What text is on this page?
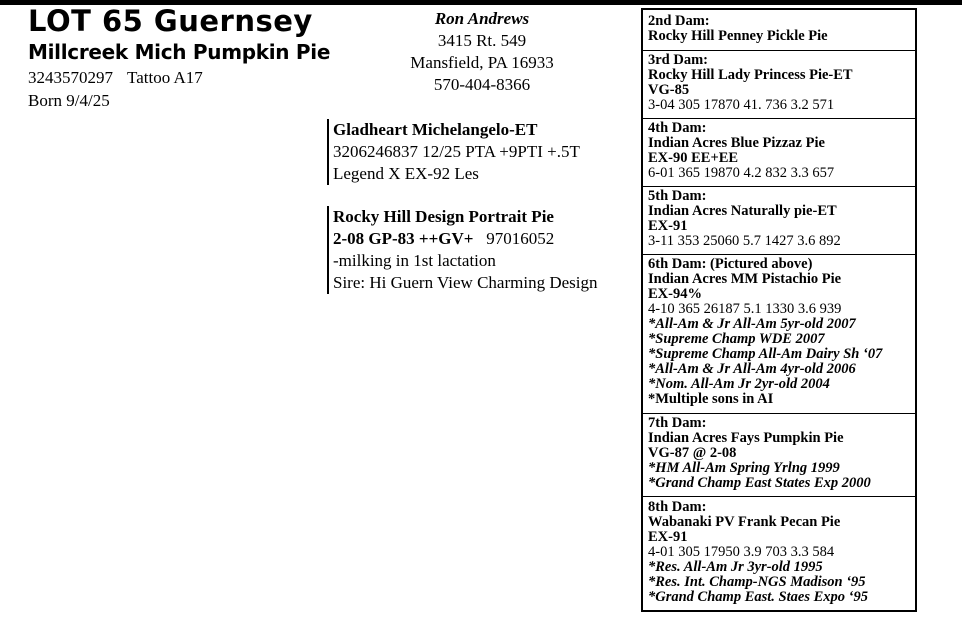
LOT 65 Guernsey
Millcreek Mich Pumpkin Pie
3243570297 Tattoo A17
Born 9/4/25
Ron Andrews
3415 Rt. 549
Mansfield, PA 16933
570-404-8366
Gladheart Michelangelo-ET
3206246837 12/25 PTA +9PTI +.5T
Legend X EX-92 Les
Rocky Hill Design Portrait Pie
2-08 GP-83 ++GV+ 97016052
-milking in 1st lactation
Sire: Hi Guern View Charming Design
2nd Dam:
Rocky Hill Penney Pickle Pie
3rd Dam:
Rocky Hill Lady Princess Pie-ET
VG-85
3-04 305 17870 41. 736 3.2 571
4th Dam:
Indian Acres Blue Pizzaz Pie
EX-90 EE+EE
6-01 365 19870 4.2 832 3.3 657
5th Dam:
Indian Acres Naturally pie-ET
EX-91
3-11 353 25060 5.7 1427 3.6 892
6th Dam: (Pictured above)
Indian Acres MM Pistachio Pie
EX-94%
4-10 365 26187 5.1 1330 3.6 939
*All-Am & Jr All-Am 5yr-old 2007
*Supreme Champ WDE 2007
*Supreme Champ All-Am Dairy Sh ‘07
*All-Am & Jr All-Am 4yr-old 2006
*Nom. All-Am Jr 2yr-old 2004
*Multiple sons in AI
7th Dam:
Indian Acres Fays Pumpkin Pie
VG-87 @ 2-08
*HM All-Am Spring Yrlng 1999
*Grand Champ East States Exp 2000
8th Dam:
Wabanaki PV Frank Pecan Pie
EX-91
4-01 305 17950 3.9 703 3.3 584
*Res. All-Am Jr 3yr-old 1995
*Res. Int. Champ-NGS Madison ‘95
*Grand Champ East. Staes Expo ‘95
